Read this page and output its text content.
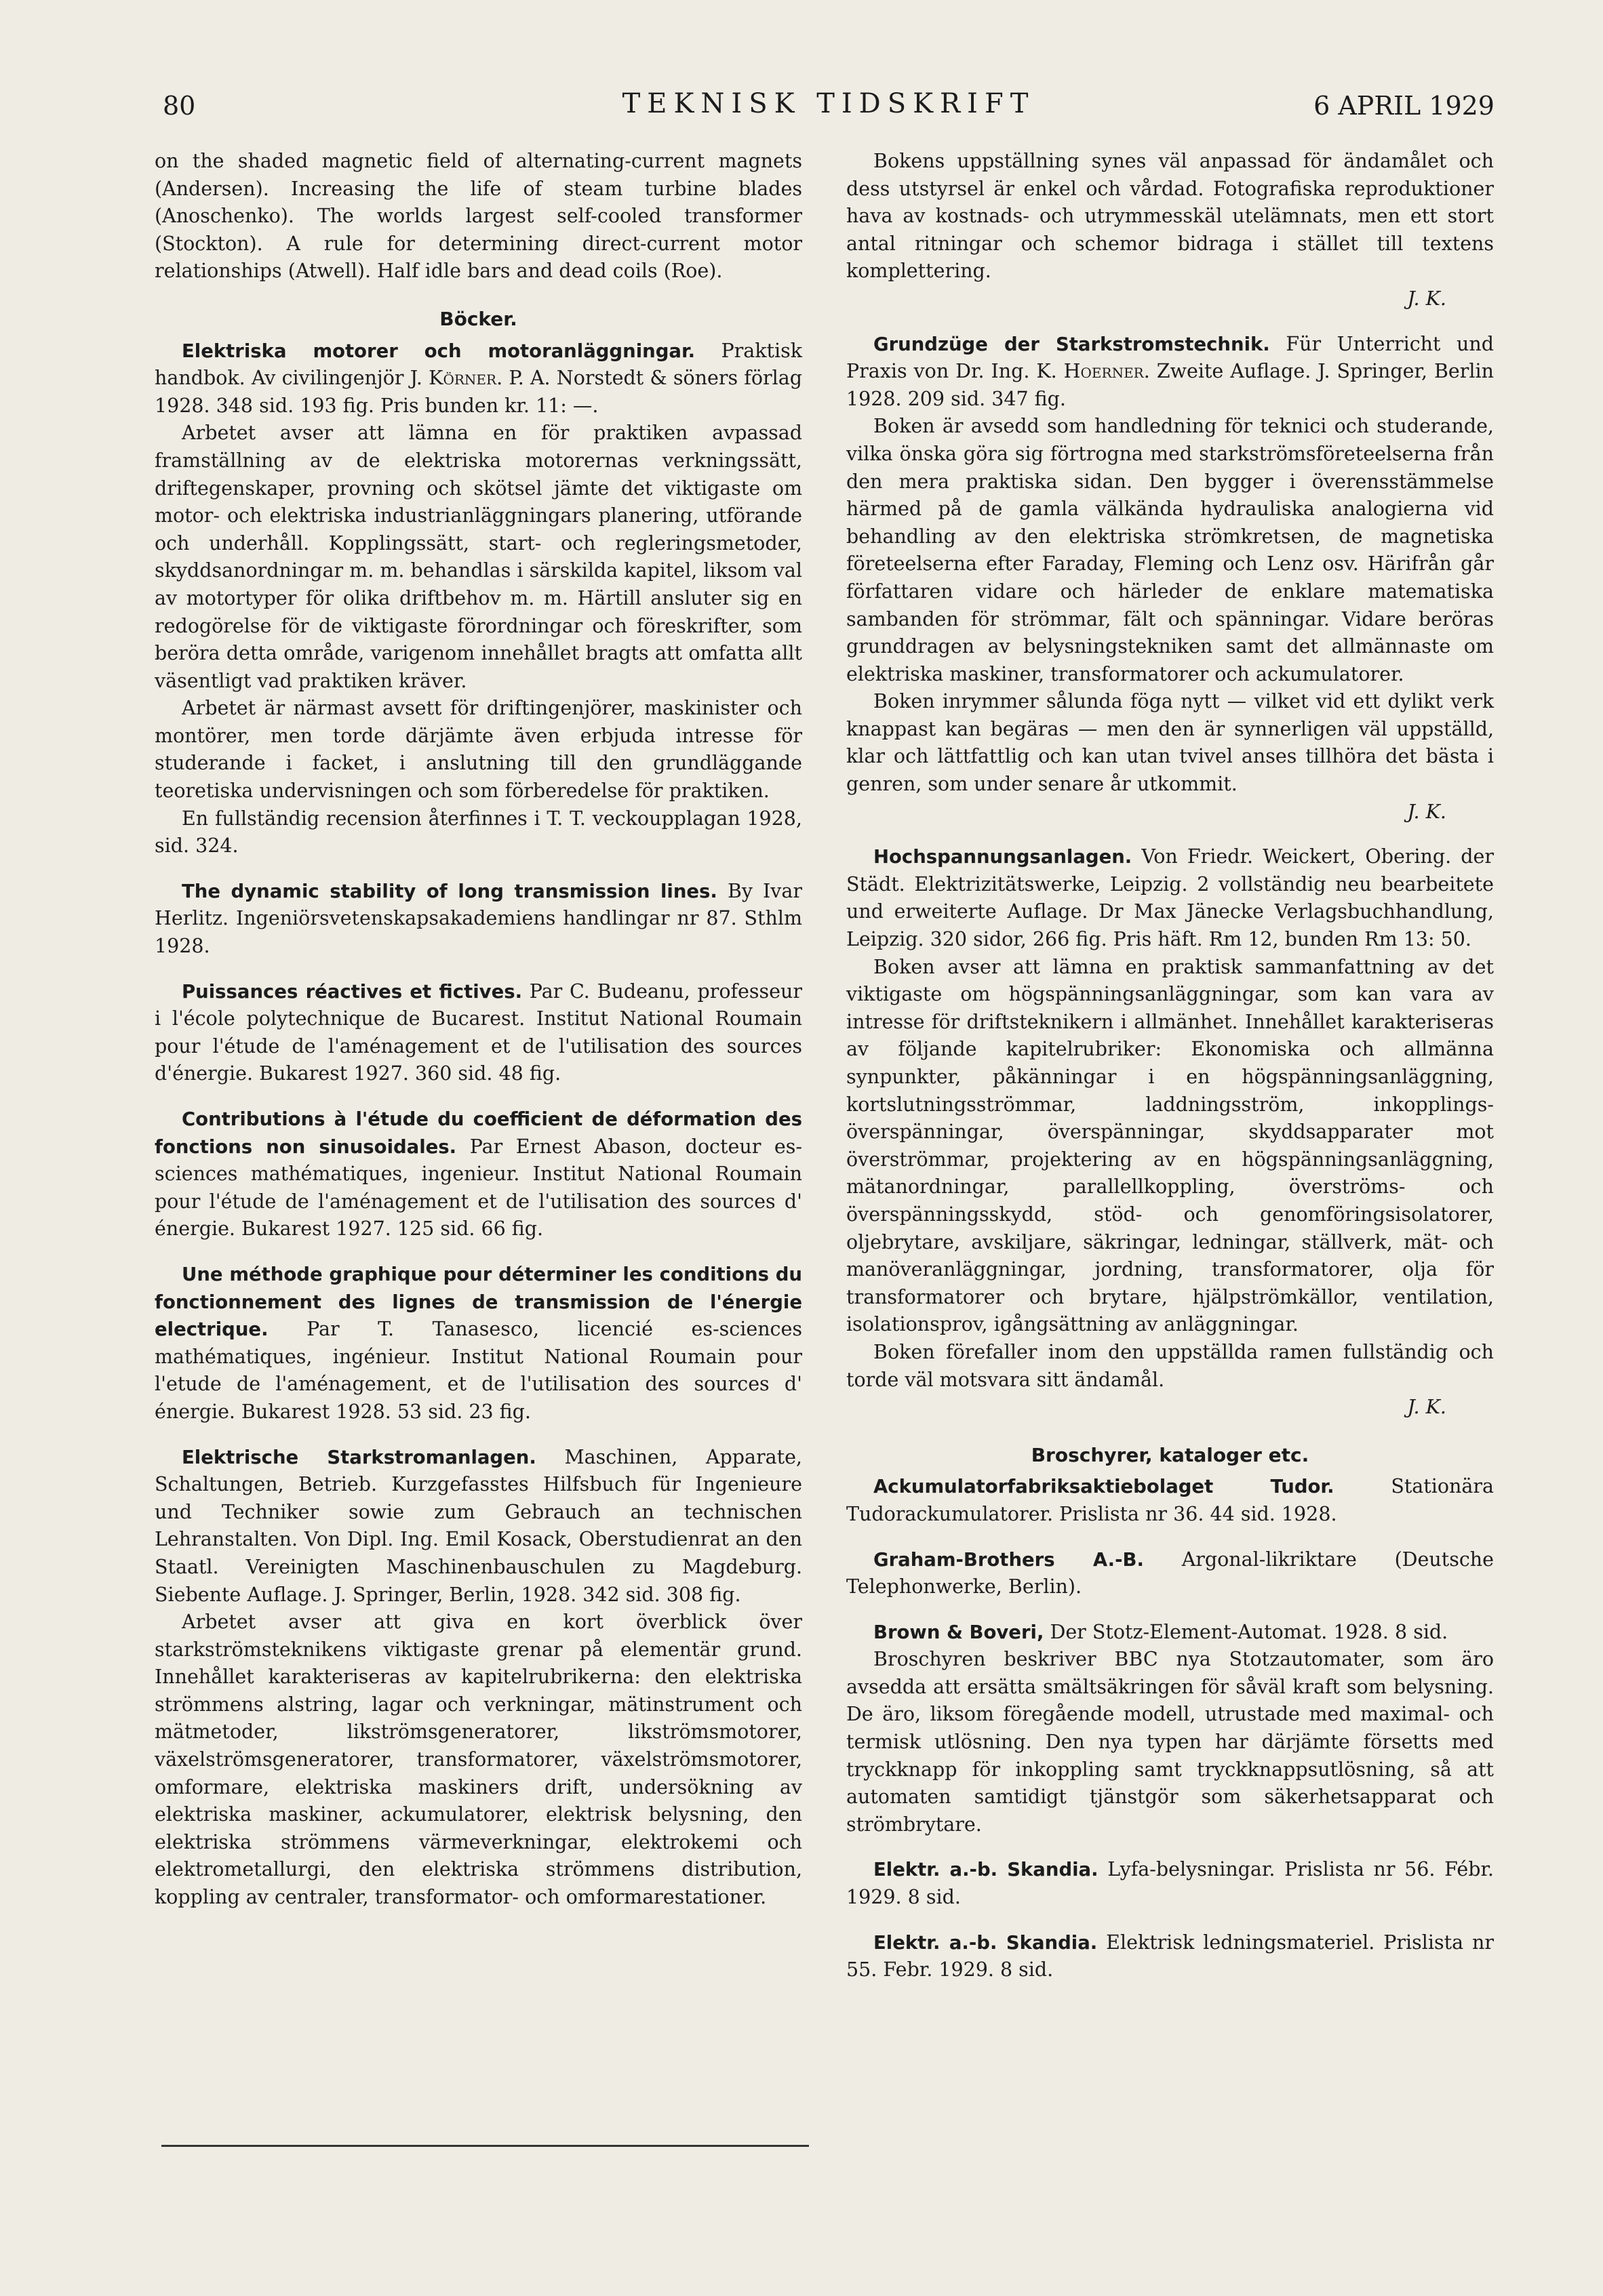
80	TEKNISK TIDSKRIFT	6 APRIL 1929

on the shaded magnetic field of alternating-current magnets (Andersen). Increasing the life of steam turbine blades (Anoschenko). The worlds largest self-cooled transformer (Stockton). A rule for determining direct-current motor relationships (Atwell). Half idle bars and dead coils (Roe).

Böcker.

Elektriska motorer och motoranläggningar. Praktisk handbok. Av civilingenjör J. Körner. P. A. Norstedt & söners förlag 1928. 348 sid. 193 fig. Pris bunden kr. 11: —.

Arbetet avser att lämna en för praktiken avpassad framställning av de elektriska motorernas verkningssätt, driftegenskaper, provning och skötsel jämte det viktigaste om motor- och elektriska industrianläggningars planering, utförande och underhåll. Kopplingssätt, start- och regleringsmetoder, skyddsanordningar m. m. behandlas i särskilda kapitel, liksom val av motortyper för olika driftbehov m. m. Härtill ansluter sig en redogörelse för de viktigaste förordningar och föreskrifter, som beröra detta område, varigenom innehållet bragts att omfatta allt väsentligt vad praktiken kräver.

Arbetet är närmast avsett för driftingenjörer, maskinister och montörer, men torde därjämte även erbjuda intresse för studerande i facket, i anslutning till den grundläggande teoretiska undervisningen och som förberedelse för praktiken.

En fullständig recension återfinnes i T. T. veckoupplagan 1928, sid. 324.

The dynamic stability of long transmission lines. By Ivar Herlitz. Ingeniörsvetenskapsakademiens handlingar nr 87. Sthlm 1928.

Puissances réactives et fictives. Par C. Budeanu, professeur i l'école polytechnique de Bucarest. Institut National Roumain pour l'étude de l'aménagement et de l'utilisation des sources d'énergie. Bukarest 1927. 360 sid. 48 fig.

Contributions à l'étude du coefficient de déformation des fonctions non sinusoidales. Par Ernest Abason, docteur es-sciences mathématiques, ingenieur. Institut National Roumain pour l'étude de l'aménagement et de l'utilisation des sources d' énergie. Bukarest 1927. 125 sid. 66 fig.

Une méthode graphique pour déterminer les conditions du fonctionnement des lignes de transmission de l'énergie electrique. Par T. Tanasesco, licencié es-sciences mathématiques, ingénieur. Institut National Roumain pour l'etude de l'aménagement, et de l'utilisation des sources d' énergie. Bukarest 1928. 53 sid. 23 fig.

Elektrische Starkstromanlagen. Maschinen, Apparate, Schaltungen, Betrieb. Kurzgefasstes Hilfsbuch für Ingenieure und Techniker sowie zum Gebrauch an technischen Lehranstalten. Von Dipl. Ing. Emil Kosack, Oberstudienrat an den Staatl. Vereinigten Maschinenbauschulen zu Magdeburg. Siebente Auflage. J. Springer, Berlin, 1928. 342 sid. 308 fig.

Arbetet avser att giva en kort överblick över starkströmsteknikens viktigaste grenar på elementär grund. Innehållet karakteriseras av kapitelrubrikerna: den elektriska strömmens alstring, lagar och verkningar, mätinstrument och mätmetoder, likströmsgeneratorer, likströmsmotorer, växelströmsgeneratorer, transformatorer, växelströmsmotorer, omformare, elektriska maskiners drift, undersökning av elektriska maskiner, ackumulatorer, elektrisk belysning, den elektriska strömmens värmeverkningar, elektrokemi och elektrometallurgi, den elektriska strömmens distribution, koppling av centraler, transformator- och omformarestationer.

Bokens uppställning synes väl anpassad för ändamålet och dess utstyrsel är enkel och vårdad. Fotografiska reproduktioner hava av kostnads- och utrymmesskäl utelämnats, men ett stort antal ritningar och schemor bidraga i stället till textens komplettering.

J. K.

Grundzüge der Starkstromstechnik. Für Unterricht und Praxis von Dr. Ing. K. Hoerner. Zweite Auflage. J. Springer, Berlin 1928. 209 sid. 347 fig.

Boken är avsedd som handledning för teknici och studerande, vilka önska göra sig förtrogna med starkströmsföreteelserna från den mera praktiska sidan. Den bygger i överensstämmelse härmed på de gamla välkända hydrauliska analogierna vid behandling av den elektriska strömkretsen, de magnetiska företeelserna efter Faraday, Fleming och Lenz osv. Härifrån går författaren vidare och härleder de enklare matematiska sambanden för strömmar, fält och spänningar. Vidare beröras grunddragen av belysningstekniken samt det allmännaste om elektriska maskiner, transformatorer och ackumulatorer.

Boken inrymmer sålunda föga nytt — vilket vid ett dylikt verk knappast kan begäras — men den är synnerligen väl uppställd, klar och lättfattlig och kan utan tvivel anses tillhöra det bästa i genren, som under senare år utkommit.

J. K.

Hochspannungsanlagen. Von Friedr. Weickert, Obering. der Städt. Elektrizitätswerke, Leipzig. 2 vollständig neu bearbeitete und erweiterte Auflage. Dr Max Jänecke Verlagsbuchhandlung, Leipzig. 320 sidor, 266 fig. Pris häft. Rm 12, bunden Rm 13: 50.

Boken avser att lämna en praktisk sammanfattning av det viktigaste om högspänningsanläggningar, som kan vara av intresse för driftsteknikern i allmänhet. Innehållet karakteriseras av följande kapitelrubriker: Ekonomiska och allmänna synpunkter, påkänningar i en högspänningsanläggning, kortslutningsströmmar, laddningsström, inkopplings-överspänningar, överspänningar, skyddsapparater mot överströmmar, projektering av en högspänningsanläggning, mätanordningar, parallellkoppling, överströms- och överspänningsskydd, stöd- och genomföringsisolatorer, oljebrytare, avskiljare, säkringar, ledningar, ställverk, mät- och manöveranläggningar, jordning, transformatorer, olja för transformatorer och brytare, hjälpströmkällor, ventilation, isolationsprov, igångsättning av anläggningar.

Boken förefaller inom den uppställda ramen fullständig och torde väl motsvara sitt ändamål.

J. K.

Broschyrer, kataloger etc.

Ackumulatorfabriksaktiebolaget Tudor.	Stationära Tudorackumulatorer. Prislista nr 36. 44 sid. 1928.

Graham-Brothers A.-B. Argonal-likriktare (Deutsche Telephonwerke, Berlin).

Brown & Boveri, Der Stotz-Element-Automat. 1928. 8 sid.

Broschyren beskriver BBC nya Stotzautomater, som äro avsedda att ersätta smältsäkringen för såväl kraft som belysning. De äro, liksom föregående modell, utrustade med maximal- och termisk utlösning. Den nya typen har därjämte försetts med tryckknapp för inkoppling samt tryckknappsutlösning, så att automaten samtidigt tjänstgör som säkerhetsapparat och strömbrytare.

Elektr. a.-b. Skandia. Lyfa-belysningar. Prislista nr 56. Fébr. 1929. 8 sid.

Elektr. a.-b. Skandia. Elektrisk ledningsmateriel. Prislista nr 55. Febr. 1929. 8 sid.
